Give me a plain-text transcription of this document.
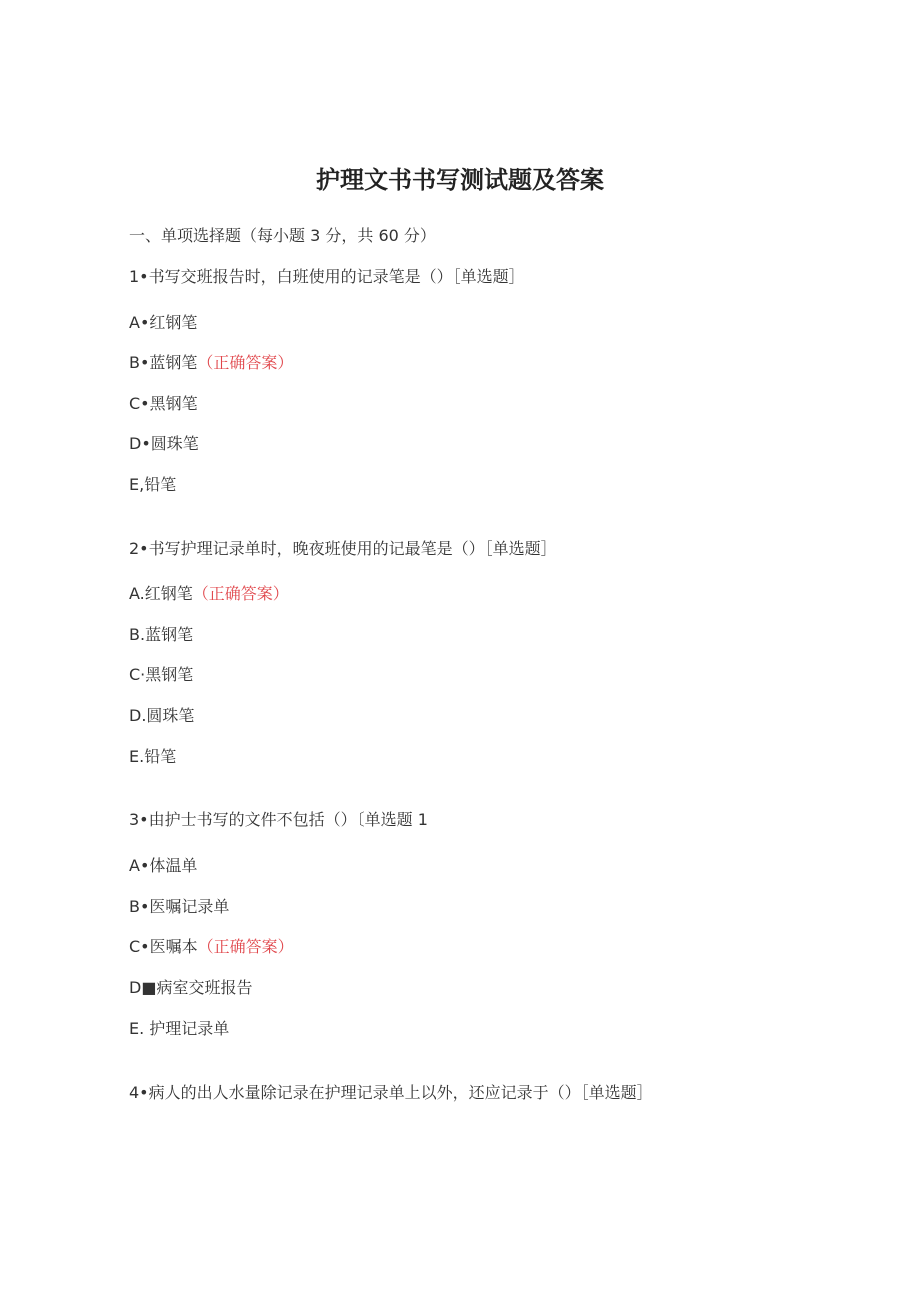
护理文书书写测试题及答案
一、单项选择题（每小题 3 分，共 60 分）
1•书写交班报告时，白班使用的记录笔是（）［单选题］
A•红钢笔
B•蓝钢笔（正确答案）
C•黑钢笔
D•圆珠笔
E,铅笔
2•书写护理记录单时，晚夜班使用的记最笔是（）［单选题］
A.红钢笔（正确答案）
B.蓝钢笔
C·黑钢笔
D.圆珠笔
E.铅笔
3•由护士书写的文件不包括（）〔单选题 1
A•体温单
B•医嘱记录单
C•医嘱本（正确答案）
D■病室交班报告
E. 护理记录单
4•病人的出人水量除记录在护理记录单上以外，还应记录于（）［单选题］
